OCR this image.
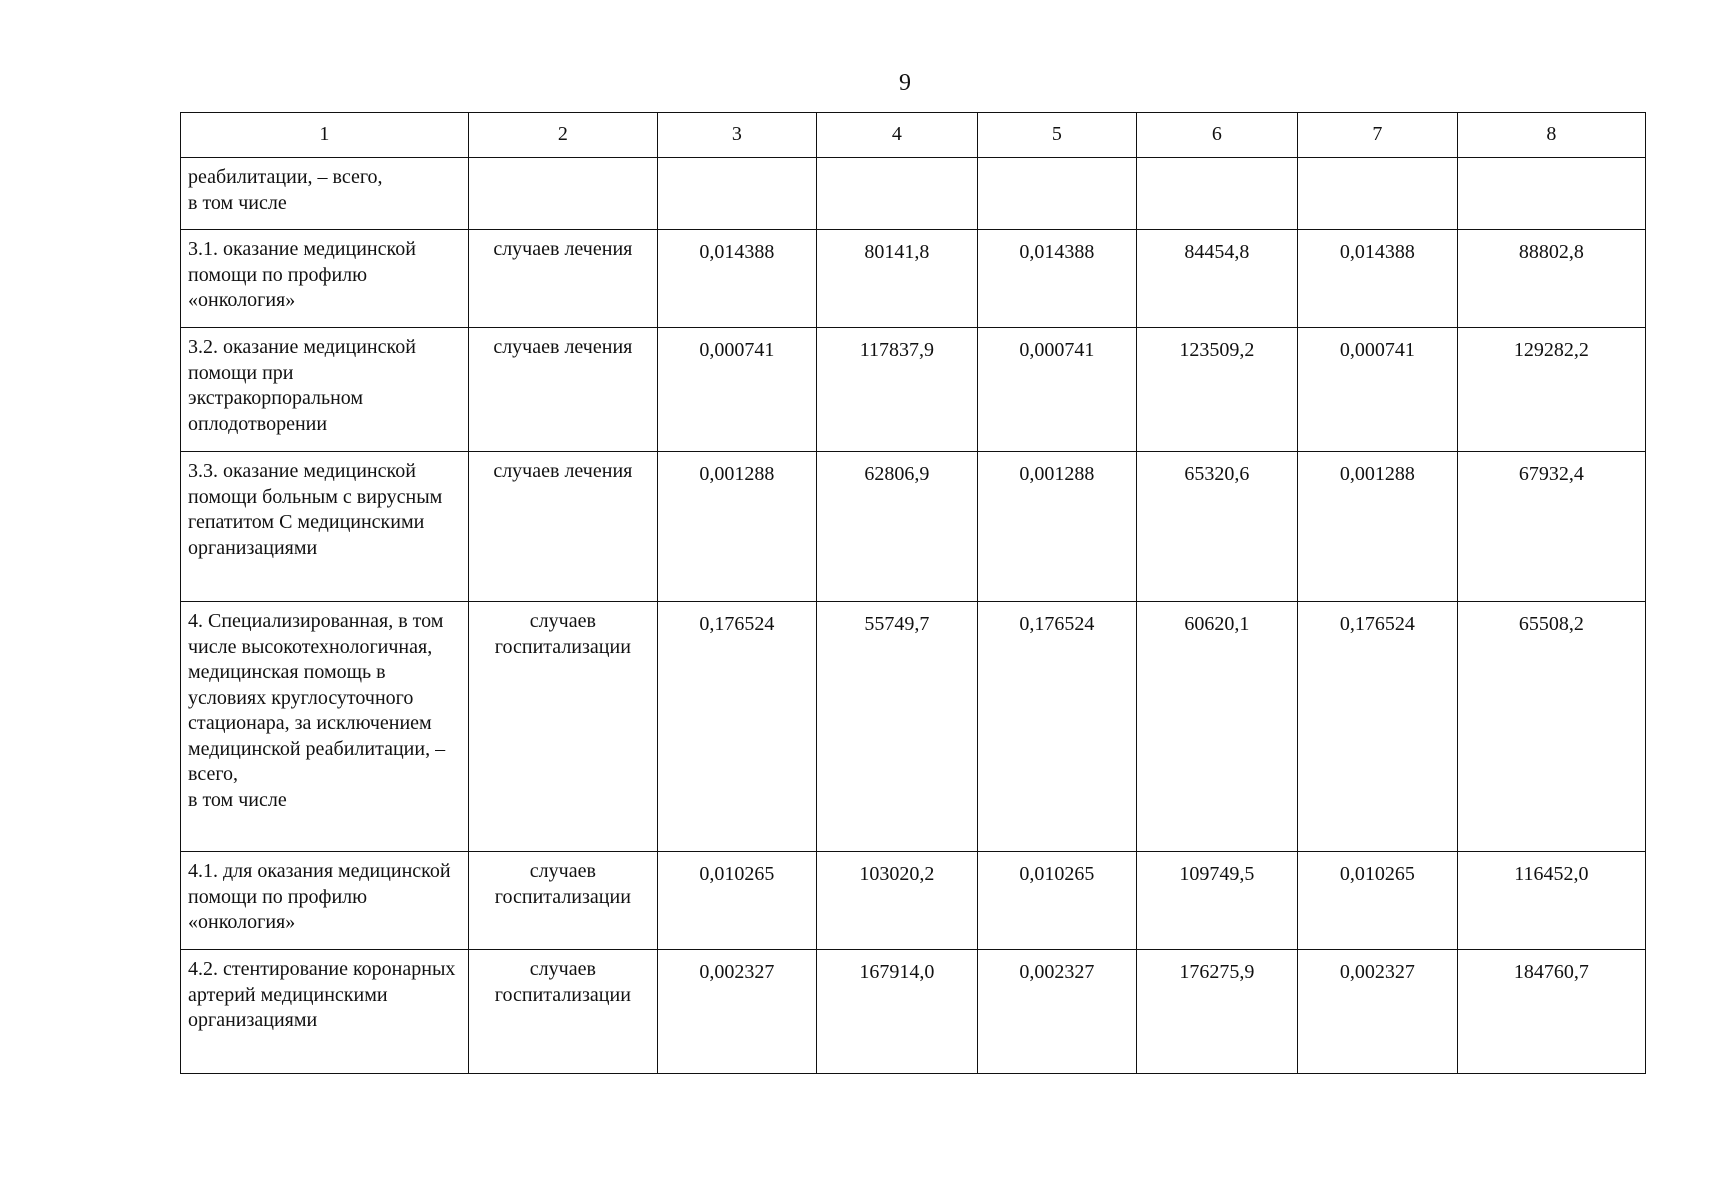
9
1	2	3	4	5	6	7	8
реабилитации, – всего,
в том числе							
3.1. оказание медицинской помощи по профилю «онкология»	случаев лечения	0,014388	80141,8	0,014388	84454,8	0,014388	88802,8
3.2. оказание медицинской помощи при экстракорпоральном оплодотворении	случаев лечения	0,000741	117837,9	0,000741	123509,2	0,000741	129282,2
3.3. оказание медицинской помощи больным с вирусным гепатитом С медицинскими организациями	случаев лечения	0,001288	62806,9	0,001288	65320,6	0,001288	67932,4
4. Специализированная, в том числе высокотехнологичная, медицинская помощь в условиях круглосуточного стационара, за исключением медицинской реабилитации, – всего,
в том числе	случаев госпитализации	0,176524	55749,7	0,176524	60620,1	0,176524	65508,2
4.1. для оказания медицинской помощи по профилю «онкология»	случаев госпитализации	0,010265	103020,2	0,010265	109749,5	0,010265	116452,0
4.2. стентирование коронарных артерий медицинскими организациями	случаев госпитализации	0,002327	167914,0	0,002327	176275,9	0,002327	184760,7
